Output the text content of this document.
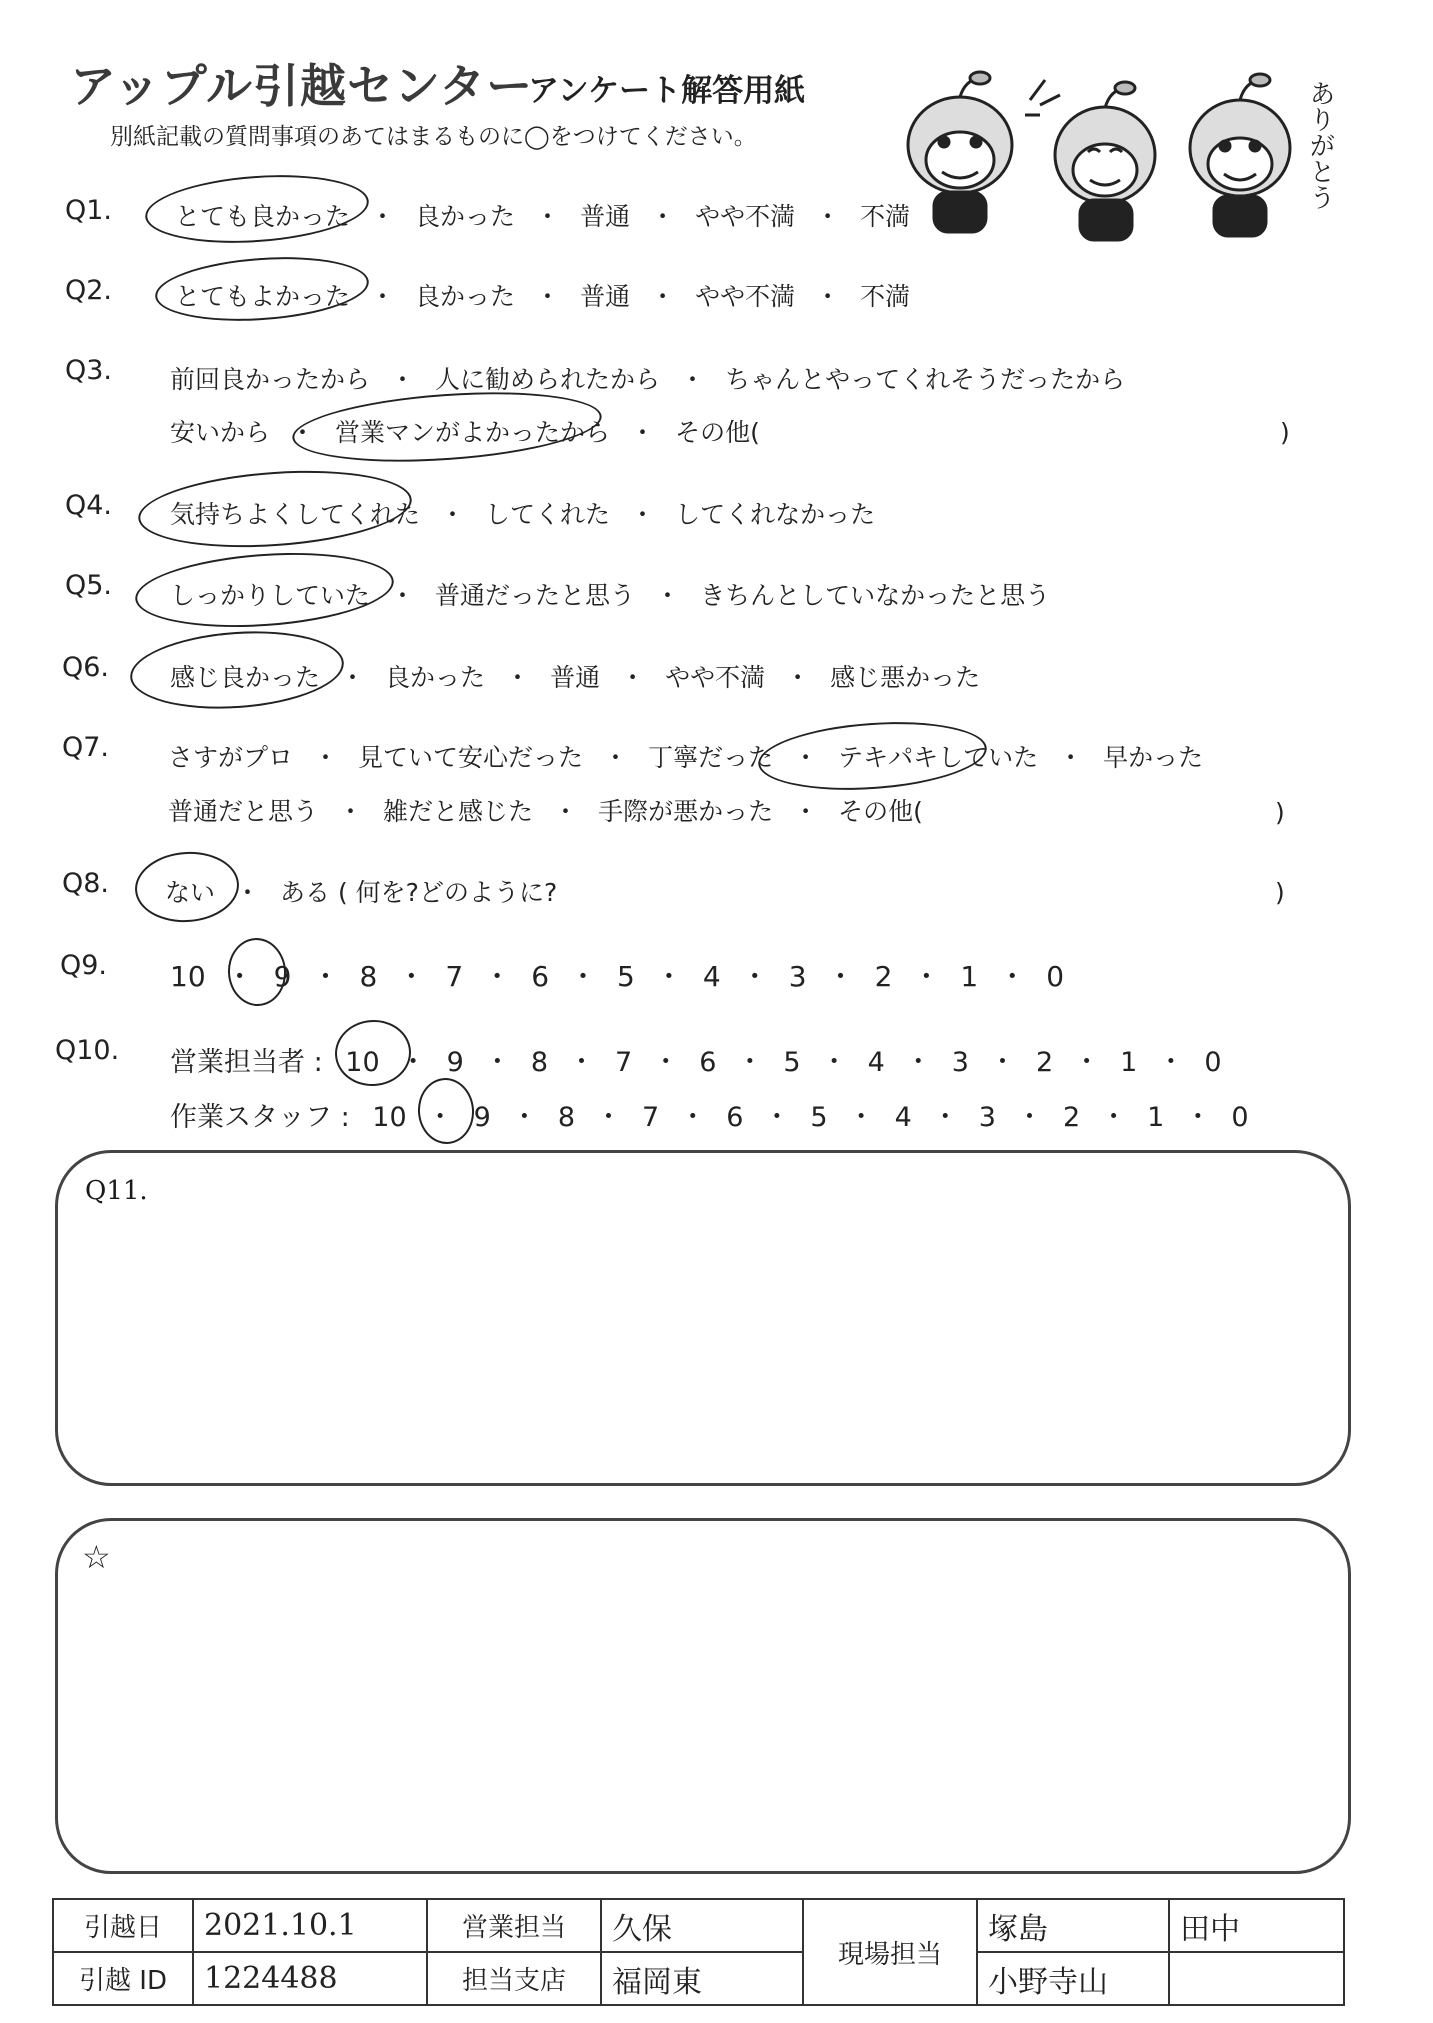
アップル引越センター
アンケート解答用紙
別紙記載の質問事項のあてはまるものに◯をつけてください。	ありがとう
Q1.	とても良かった ・ 良かった ・ 普通 ・ やや不満 ・ 不満
Q2.	とてもよかった ・ 良かった ・ 普通 ・ やや不満 ・ 不満
Q3. 前回良かったから ・ 人に勧められたから ・ ちゃんとやってくれそうだったから
安いから ・ 営業マンがよかったから ・ その他(	)
Q4. 気持ちよくしてくれた ・ してくれた ・ してくれなかった
Q5. しっかりしていた ・ 普通だったと思う ・ きちんとしていなかったと思う
Q6. 感じ良かった ・ 良かった ・ 普通 ・ やや不満 ・ 感じ悪かった
Q7. さすがプロ ・ 見ていて安心だった ・ 丁寧だった ・ テキパキしていた ・ 早かった
普通だと思う ・ 雑だと感じた ・ 手際が悪かった ・ その他(	)
Q8. ない ・ ある ( 何を?どのように?	)
Q9. 10 ・ 9 ・ 8 ・ 7 ・ 6 ・ 5 ・ 4 ・ 3 ・ 2 ・ 1 ・ 0
Q10. 営業担当者 : 10 ・ 9 ・ 8 ・ 7 ・ 6 ・ 5 ・ 4 ・ 3 ・ 2 ・ 1 ・ 0
作業スタッフ : 10 ・ 9 ・ 8 ・ 7 ・ 6 ・ 5 ・ 4 ・ 3 ・ 2 ・ 1 ・ 0
Q11.
☆
引越日	2021.10.1	営業担当	久保	現場担当	塚島	田中
引越 ID	1224488	担当支店	福岡東		小野寺山	
